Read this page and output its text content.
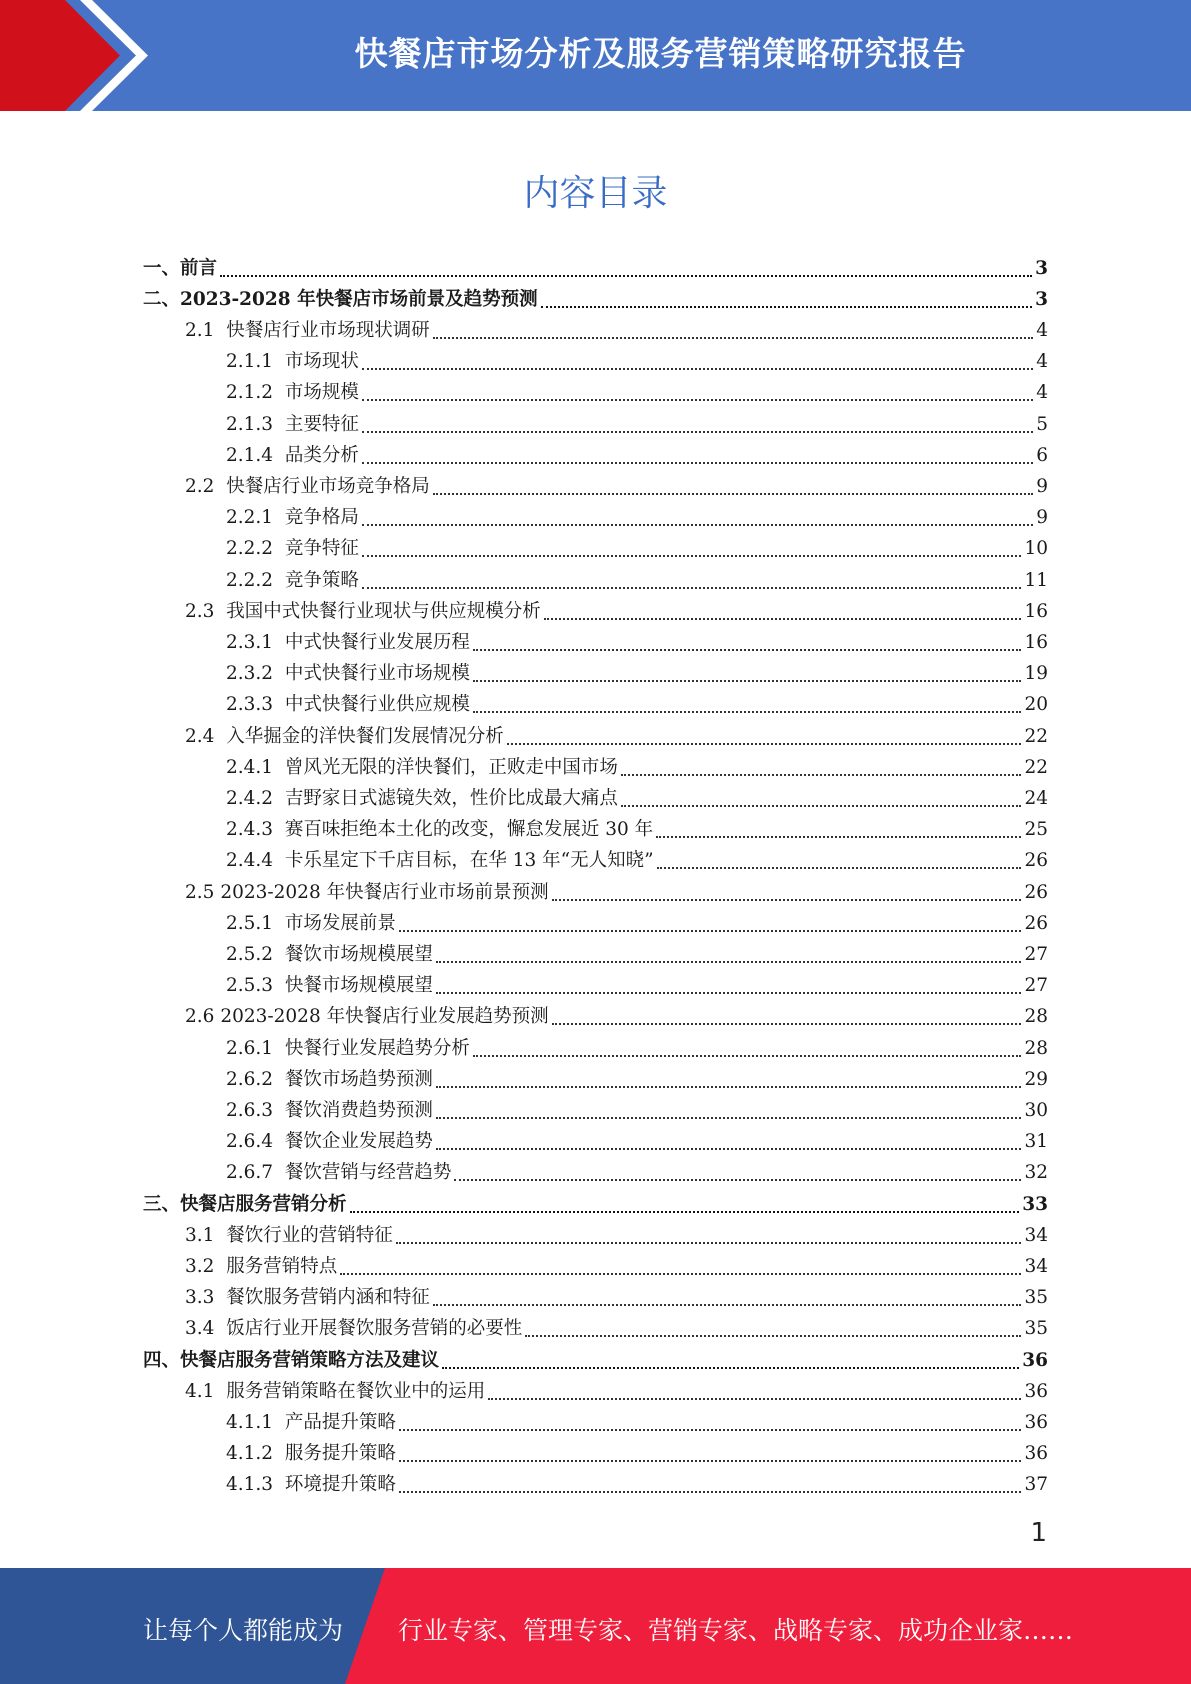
快餐店市场分析及服务营销策略研究报告
内容目录
一、 前言	3
二、 2023-2028 年快餐店市场前景及趋势预测	3
2.1 快餐店行业市场现状调研	4
2.1.1 市场现状	4
2.1.2 市场规模	4
2.1.3 主要特征	5
2.1.4 品类分析	6
2.2 快餐店行业市场竞争格局	9
2.2.1 竞争格局	9
2.2.2 竞争特征	10
2.2.2 竞争策略	11
2.3 我国中式快餐行业现状与供应规模分析	16
2.3.1 中式快餐行业发展历程	16
2.3.2 中式快餐行业市场规模	19
2.3.3 中式快餐行业供应规模	20
2.4 入华掘金的洋快餐们发展情况分析	22
2.4.1 曾风光无限的洋快餐们，正败走中国市场	22
2.4.2 吉野家日式滤镜失效，性价比成最大痛点	24
2.4.3 赛百味拒绝本土化的改变，懈怠发展近 30 年	25
2.4.4 卡乐星定下千店目标，在华 13 年“无人知晓”	26
2.5 2023-2028 年快餐店行业市场前景预测	26
2.5.1 市场发展前景	26
2.5.2 餐饮市场规模展望	27
2.5.3 快餐市场规模展望	27
2.6 2023-2028 年快餐店行业发展趋势预测	28
2.6.1 快餐行业发展趋势分析	28
2.6.2 餐饮市场趋势预测	29
2.6.3 餐饮消费趋势预测	30
2.6.4 餐饮企业发展趋势	31
2.6.7 餐饮营销与经营趋势	32
三、 快餐店服务营销分析	33
3.1 餐饮行业的营销特征	34
3.2 服务营销特点	34
3.3 餐饮服务营销内涵和特征	35
3.4 饭店行业开展餐饮服务营销的必要性	35
四、 快餐店服务营销策略方法及建议	36
4.1 服务营销策略在餐饮业中的运用	36
4.1.1 产品提升策略	36
4.1.2 服务提升策略	36
4.1.3 环境提升策略	37
1
让每个人都能成为 行业专家、管理专家、营销专家、战略专家、成功企业家……
